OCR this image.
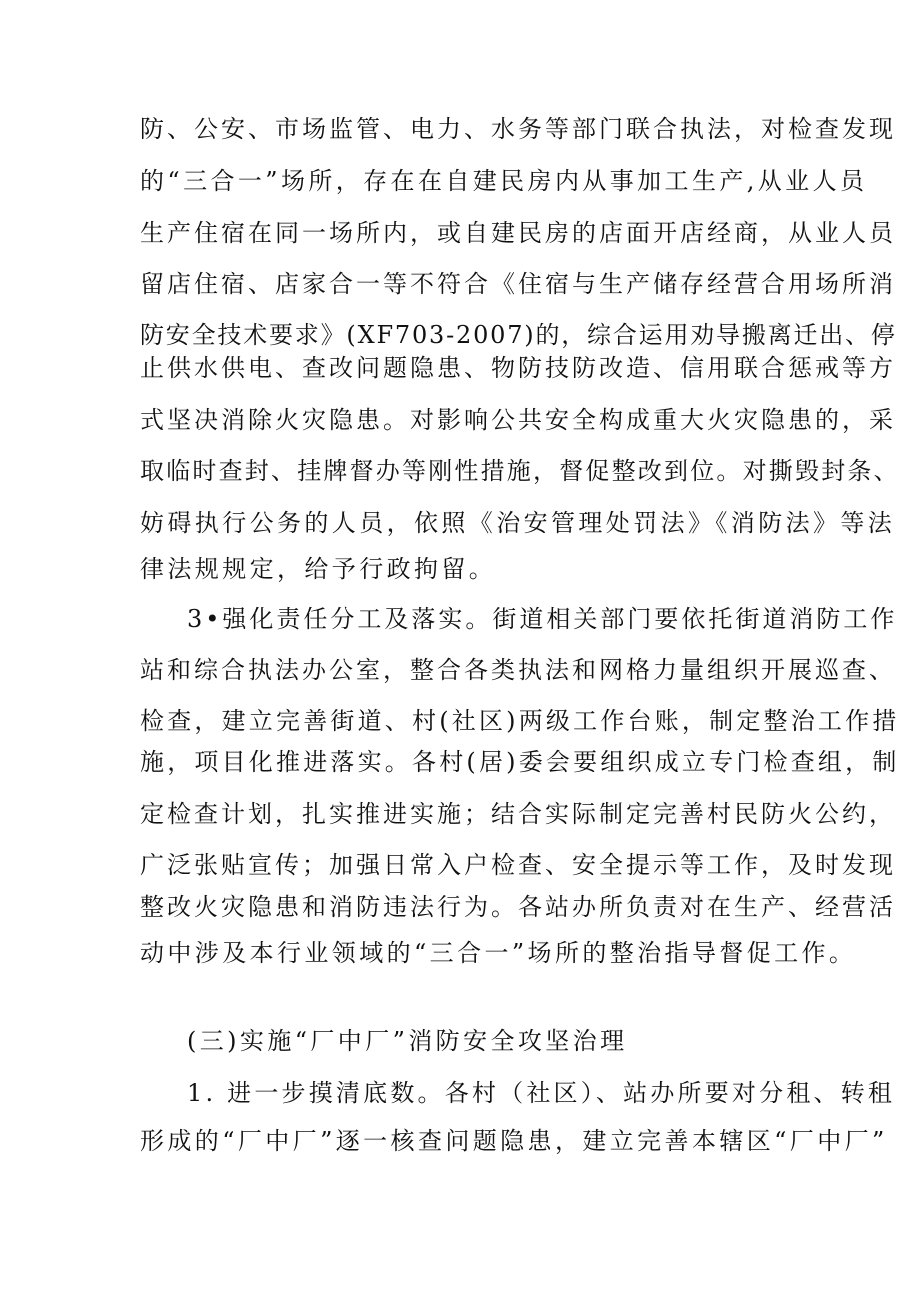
防、公安、市场监管、电力、水务等部门联合执法，对检查发现
的“三合一”场所，存在在自建民房内从事加工生产,从业人员
生产住宿在同一场所内，或自建民房的店面开店经商，从业人员
留店住宿、店家合一等不符合《住宿与生产储存经营合用场所消
防安全技术要求》(XF703-2007)的，综合运用劝导搬离迁出、停
止供水供电、查改问题隐患、物防技防改造、信用联合惩戒等方
式坚决消除火灾隐患。对影响公共安全构成重大火灾隐患的，采
取临时查封、挂牌督办等刚性措施，督促整改到位。对撕毁封条、
妨碍执行公务的人员，依照《治安管理处罚法》《消防法》等法
律法规规定，给予行政拘留。
3•强化责任分工及落实。街道相关部门要依托街道消防工作
站和综合执法办公室，整合各类执法和网格力量组织开展巡查、
检查，建立完善街道、村(社区)两级工作台账，制定整治工作措
施，项目化推进落实。各村(居)委会要组织成立专门检查组，制
定检查计划，扎实推进实施；结合实际制定完善村民防火公约，
广泛张贴宣传；加强日常入户检查、安全提示等工作，及时发现
整改火灾隐患和消防违法行为。各站办所负责对在生产、经营活
动中涉及本行业领域的“三合一”场所的整治指导督促工作。
(三)实施“厂中厂”消防安全攻坚治理
1. 进一步摸清底数。各村（社区）、站办所要对分租、转租
形成的“厂中厂”逐一核查问题隐患，建立完善本辖区“厂中厂”
